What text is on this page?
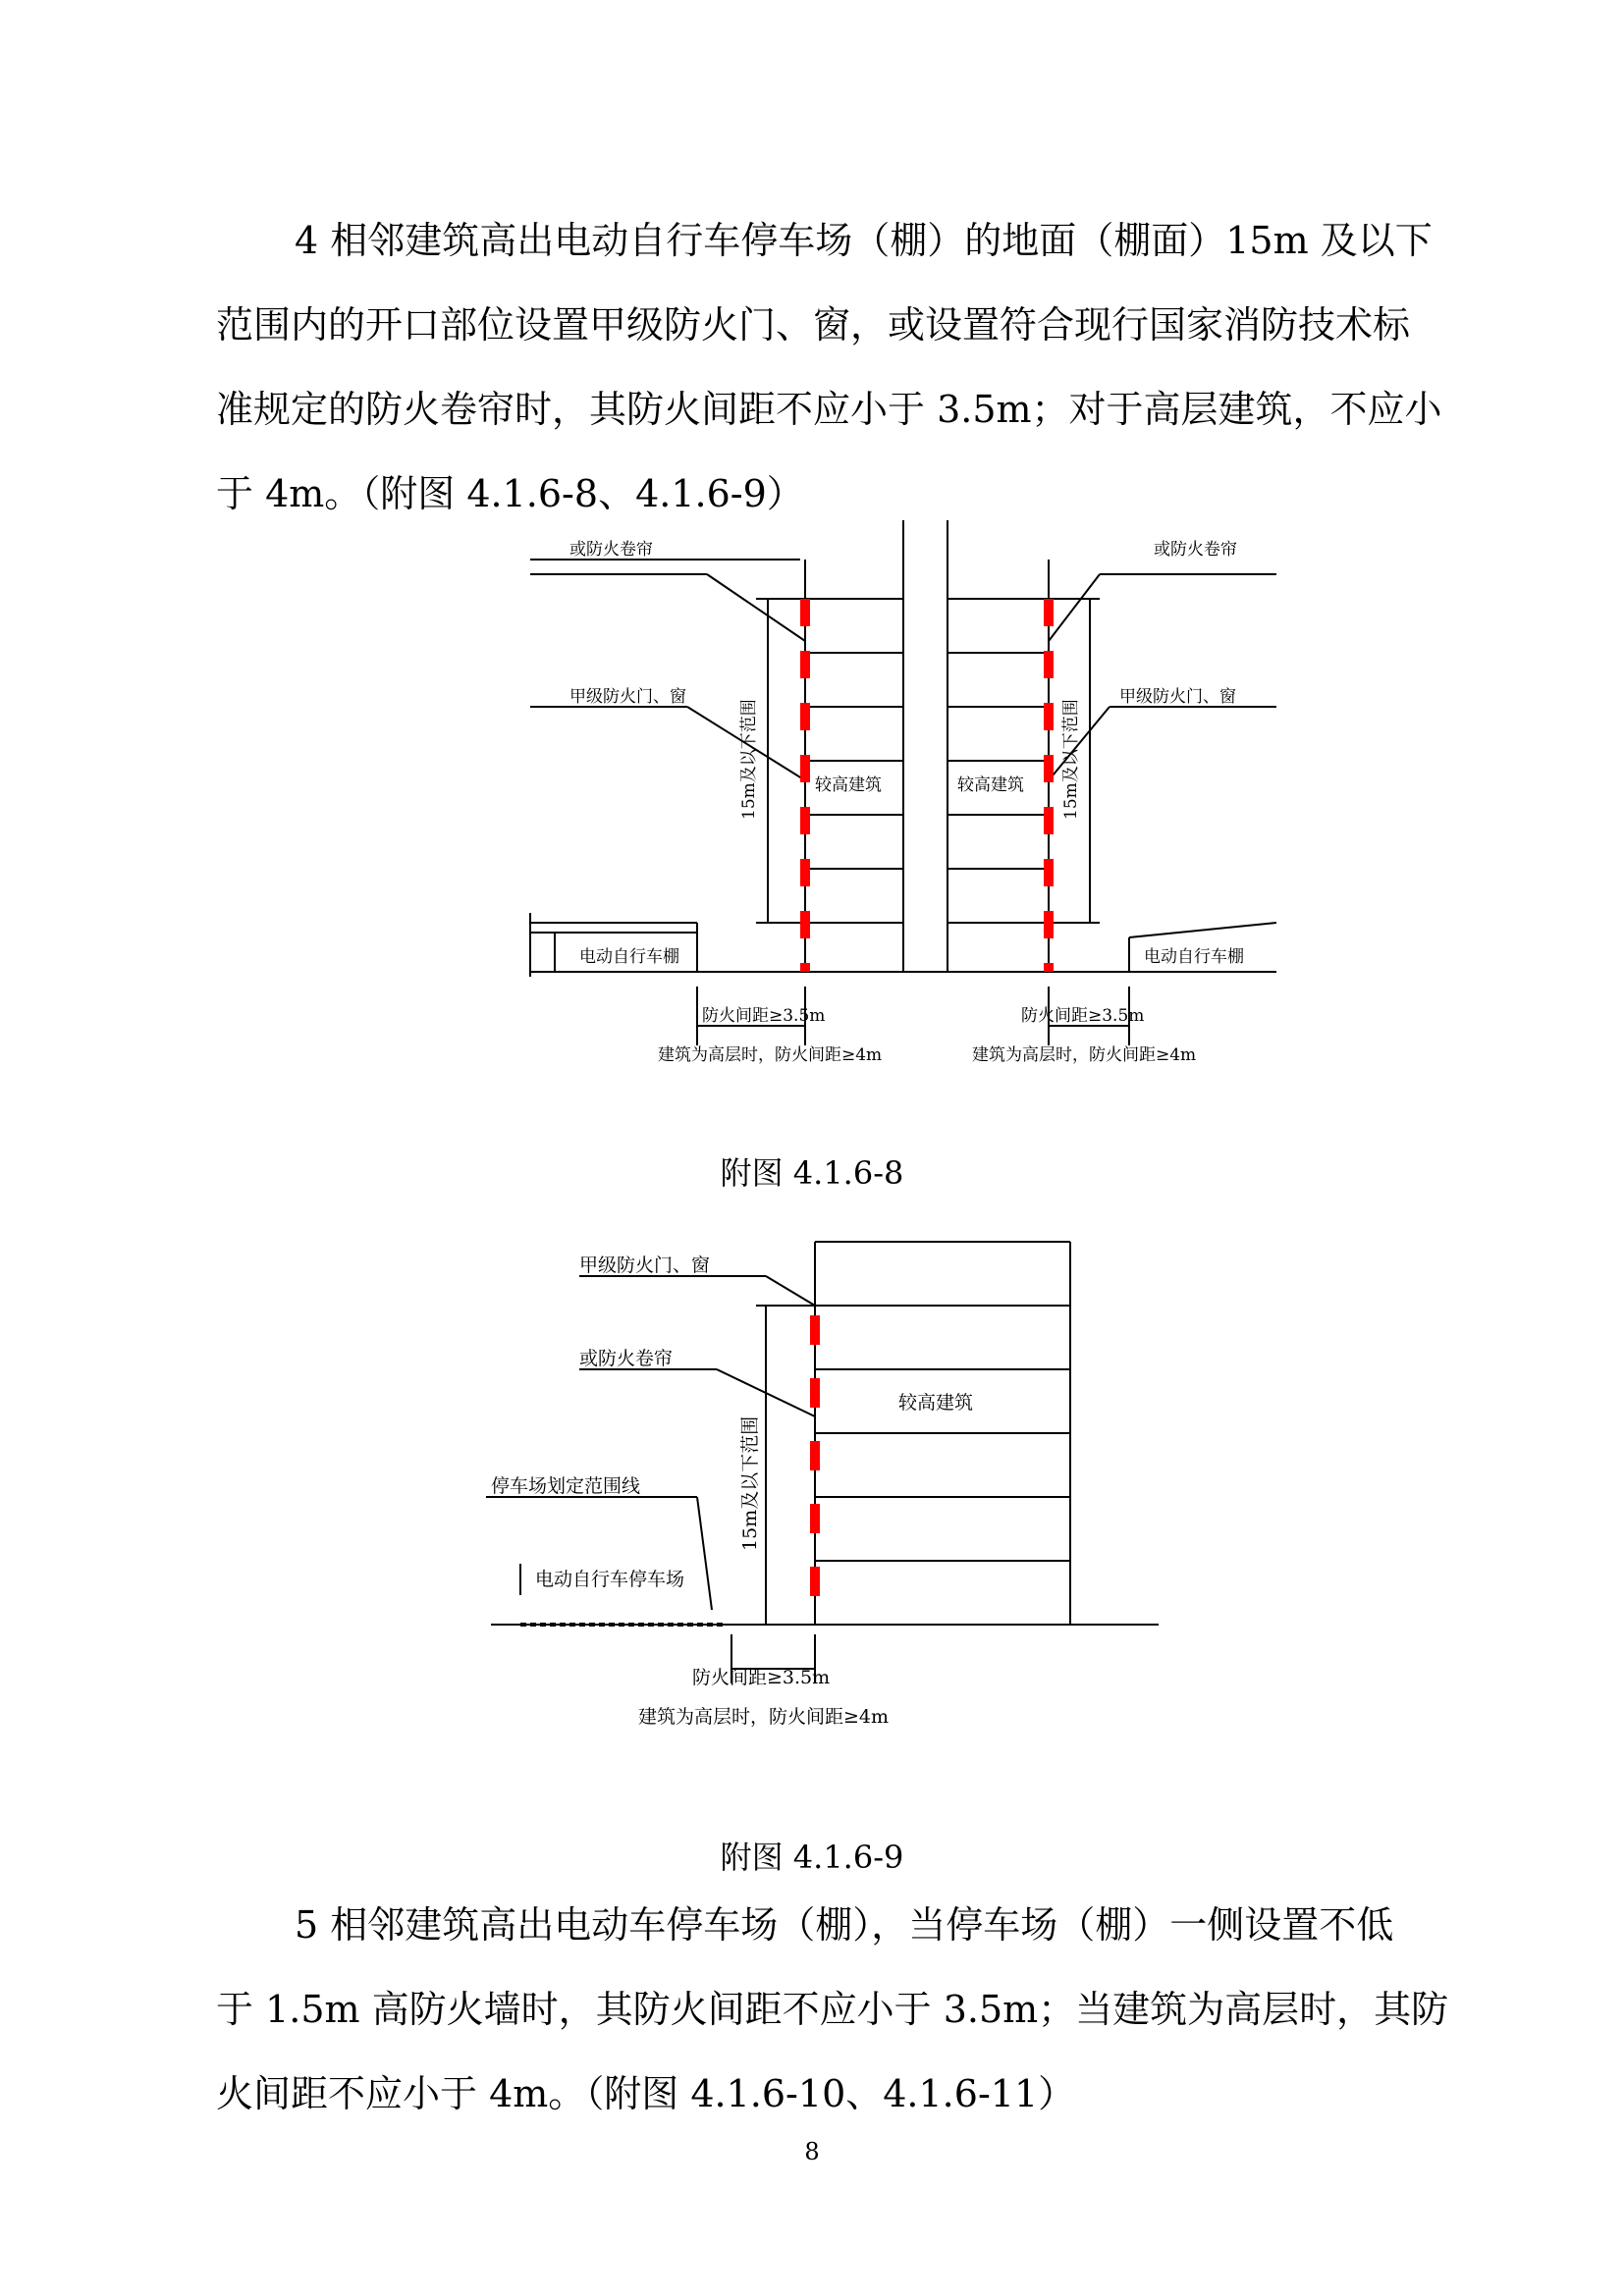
4 相邻建筑高出电动自行车停车场（棚）的地面（棚面）15m 及以下
范围内的开口部位设置甲级防火门、窗，或设置符合现行国家消防技术标
准规定的防火卷帘时，其防火间距不应小于 3.5m；对于高层建筑，不应小
于 4m。（附图 4.1.6-8、4.1.6-9）
或防火卷帘
甲级防火门、窗
较高建筑
电动自行车棚
防火间距≥3.5m
建筑为高层时，防火间距≥4m
15m及以下范围
或防火卷帘
甲级防火门、窗
较高建筑
电动自行车棚
防火间距≥3.5m
建筑为高层时，防火间距≥4m
15m及以下范围
附图 4.1.6-8
甲级防火门、窗
或防火卷帘
较高建筑
停车场划定范围线
电动自行车停车场
防火间距≥3.5m
建筑为高层时，防火间距≥4m
15m及以下范围
附图 4.1.6-9
5 相邻建筑高出电动车停车场（棚），当停车场（棚）一侧设置不低
于 1.5m 高防火墙时，其防火间距不应小于 3.5m；当建筑为高层时，其防
火间距不应小于 4m。（附图 4.1.6-10、4.1.6-11）
8
